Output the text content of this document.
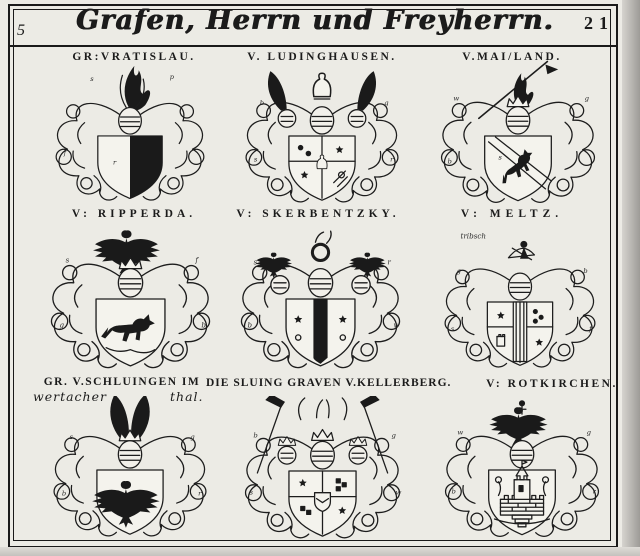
5	Grafen, Herrn und Freyherrn.	21
GR:VRATISLAU.	V. LUDINGHAUSEN.	V.MAI/LAND.
V: RIPPERDA.	V: SKERBENTZKY.	V: MELTZ.
GR. V.SCHLUINGEN IM
wertacher	thal.
DIE SLUING GRAVEN V.KELLERBERG.	V: ROTKIRCHEN.
s	p
f
r
b	g
s	r
w	g
b	s
s	f
g	b
s	r
b	w
tribsch
g	b
s	f
s	g
b	r
b	g
s	w
w	g
b	r
